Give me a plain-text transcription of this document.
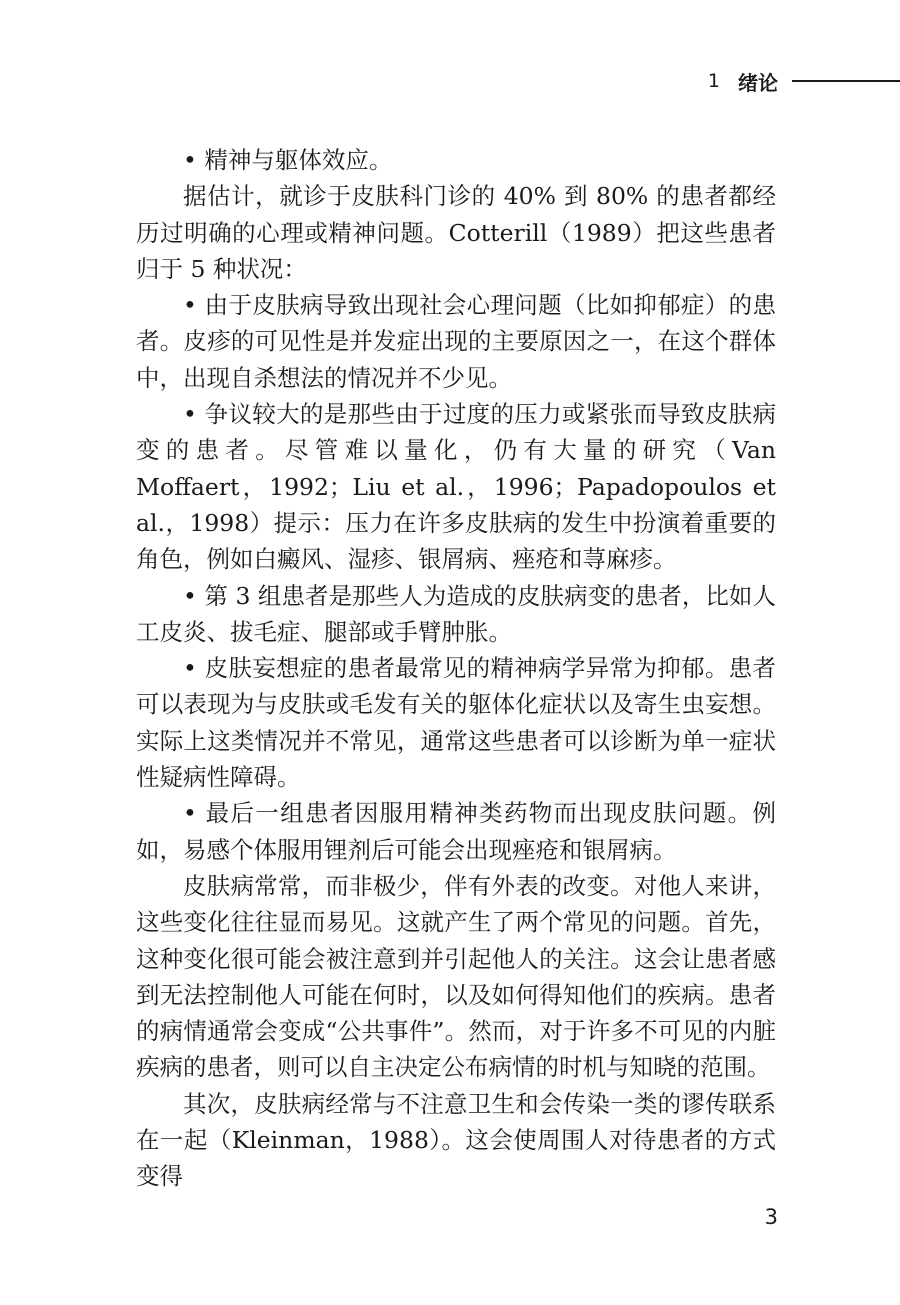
1 绪论

• 精神与躯体效应。

据估计，就诊于皮肤科门诊的 40% 到 80% 的患者都经历过明确的心理或精神问题。Cotterill（1989）把这些患者归于 5 种状况：

• 由于皮肤病导致出现社会心理问题（比如抑郁症）的患者。皮疹的可见性是并发症出现的主要原因之一，在这个群体中，出现自杀想法的情况并不少见。

• 争议较大的是那些由于过度的压力或紧张而导致皮肤病变的患者。尽管难以量化，仍有大量的研究（Van Moffaert，1992；Liu et al.，1996；Papadopoulos et al.，1998）提示：压力在许多皮肤病的发生中扮演着重要的角色，例如白癜风、湿疹、银屑病、痤疮和荨麻疹。

• 第 3 组患者是那些人为造成的皮肤病变的患者，比如人工皮炎、拔毛症、腿部或手臂肿胀。

• 皮肤妄想症的患者最常见的精神病学异常为抑郁。患者可以表现为与皮肤或毛发有关的躯体化症状以及寄生虫妄想。实际上这类情况并不常见，通常这些患者可以诊断为单一症状性疑病性障碍。

• 最后一组患者因服用精神类药物而出现皮肤问题。例如，易感个体服用锂剂后可能会出现痤疮和银屑病。

皮肤病常常，而非极少，伴有外表的改变。对他人来讲，这些变化往往显而易见。这就产生了两个常见的问题。首先，这种变化很可能会被注意到并引起他人的关注。这会让患者感到无法控制他人可能在何时，以及如何得知他们的疾病。患者的病情通常会变成“公共事件”。然而，对于许多不可见的内脏疾病的患者，则可以自主决定公布病情的时机与知晓的范围。

其次，皮肤病经常与不注意卫生和会传染一类的谬传联系在一起（Kleinman，1988）。这会使周围人对待患者的方式变得

3
